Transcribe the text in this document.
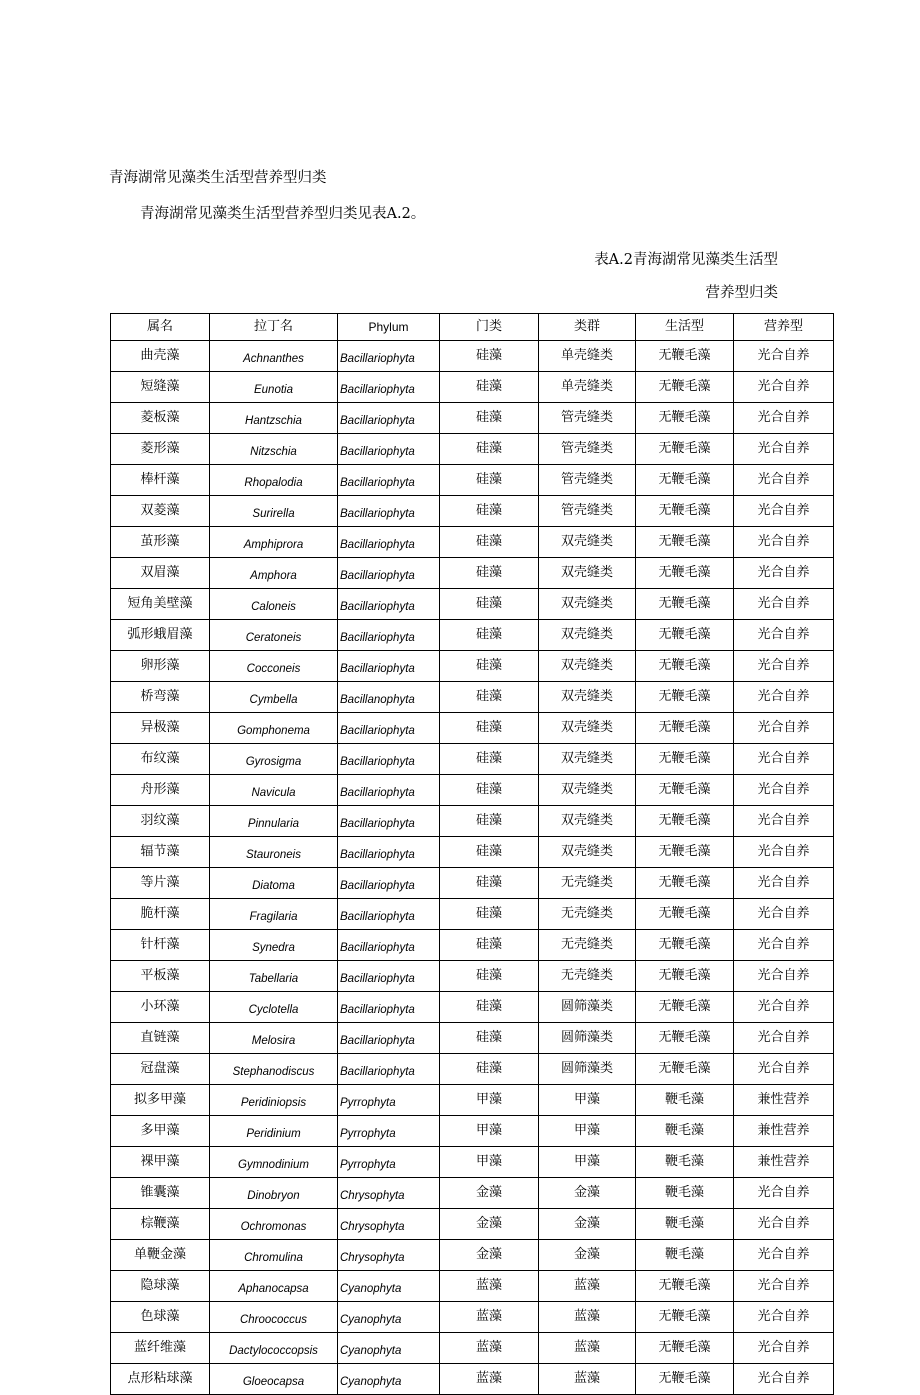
青海湖常见藻类生活型营养型归类
青海湖常见藻类生活型营养型归类见表A.2。
表A.2青海湖常见藻类生活型
营养型归类
属名	拉丁名	Phylum	门类	类群	生活型	营养型
曲壳藻	Achnanthes	Bacillariophyta	硅藻	单壳缝类	无鞭毛藻	光合自养
短缝藻	Eunotia	Bacillariophyta	硅藻	单壳缝类	无鞭毛藻	光合自养
菱板藻	Hantzschia	Bacillariophyta	硅藻	管壳缝类	无鞭毛藻	光合自养
菱形藻	Nitzschia	Bacillariophyta	硅藻	管壳缝类	无鞭毛藻	光合自养
棒杆藻	Rhopalodia	Bacillariophyta	硅藻	管壳缝类	无鞭毛藻	光合自养
双菱藻	Surirella	Bacillariophyta	硅藻	管壳缝类	无鞭毛藻	光合自养
茧形藻	Amphiprora	Bacillariophyta	硅藻	双壳缝类	无鞭毛藻	光合自养
双眉藻	Amphora	Bacillariophyta	硅藻	双壳缝类	无鞭毛藻	光合自养
短角美壁藻	Caloneis	Bacillariophyta	硅藻	双壳缝类	无鞭毛藻	光合自养
弧形蛾眉藻	Ceratoneis	Bacillariophyta	硅藻	双壳缝类	无鞭毛藻	光合自养
卵形藻	Cocconeis	Bacillariophyta	硅藻	双壳缝类	无鞭毛藻	光合自养
桥弯藻	Cymbella	Bacillanophyta	硅藻	双壳缝类	无鞭毛藻	光合自养
异极藻	Gomphonema	Bacillariophyta	硅藻	双壳缝类	无鞭毛藻	光合自养
布纹藻	Gyrosigma	Bacillariophyta	硅藻	双壳缝类	无鞭毛藻	光合自养
舟形藻	Navicula	Bacillariophyta	硅藻	双壳缝类	无鞭毛藻	光合自养
羽纹藻	Pinnularia	Bacillariophyta	硅藻	双壳缝类	无鞭毛藻	光合自养
辐节藻	Stauroneis	Bacillariophyta	硅藻	双壳缝类	无鞭毛藻	光合自养
等片藻	Diatoma	Bacillariophyta	硅藻	无壳缝类	无鞭毛藻	光合自养
脆杆藻	Fragilaria	Bacillariophyta	硅藻	无壳缝类	无鞭毛藻	光合自养
针杆藻	Synedra	Bacillariophyta	硅藻	无壳缝类	无鞭毛藻	光合自养
平板藻	Tabellaria	Bacillariophyta	硅藻	无壳缝类	无鞭毛藻	光合自养
小环藻	Cyclotella	Bacillariophyta	硅藻	圆筛藻类	无鞭毛藻	光合自养
直链藻	Melosira	Bacillariophyta	硅藻	圆筛藻类	无鞭毛藻	光合自养
冠盘藻	Stephanodiscus	Bacillariophyta	硅藻	圆筛藻类	无鞭毛藻	光合自养
拟多甲藻	Peridiniopsis	Pyrrophyta	甲藻	甲藻	鞭毛藻	兼性营养
多甲藻	Peridinium	Pyrrophyta	甲藻	甲藻	鞭毛藻	兼性营养
裸甲藻	Gymnodinium	Pyrrophyta	甲藻	甲藻	鞭毛藻	兼性营养
锥囊藻	Dinobryon	Chrysophyta	金藻	金藻	鞭毛藻	光合自养
棕鞭藻	Ochromonas	Chrysophyta	金藻	金藻	鞭毛藻	光合自养
单鞭金藻	Chromulina	Chrysophyta	金藻	金藻	鞭毛藻	光合自养
隐球藻	Aphanocapsa	Cyanophyta	蓝藻	蓝藻	无鞭毛藻	光合自养
色球藻	Chroococcus	Cyanophyta	蓝藻	蓝藻	无鞭毛藻	光合自养
蓝纤维藻	Dactylococcopsis	Cyanophyta	蓝藻	蓝藻	无鞭毛藻	光合自养
点形粘球藻	Gloeocapsa	Cyanophyta	蓝藻	蓝藻	无鞭毛藻	光合自养
